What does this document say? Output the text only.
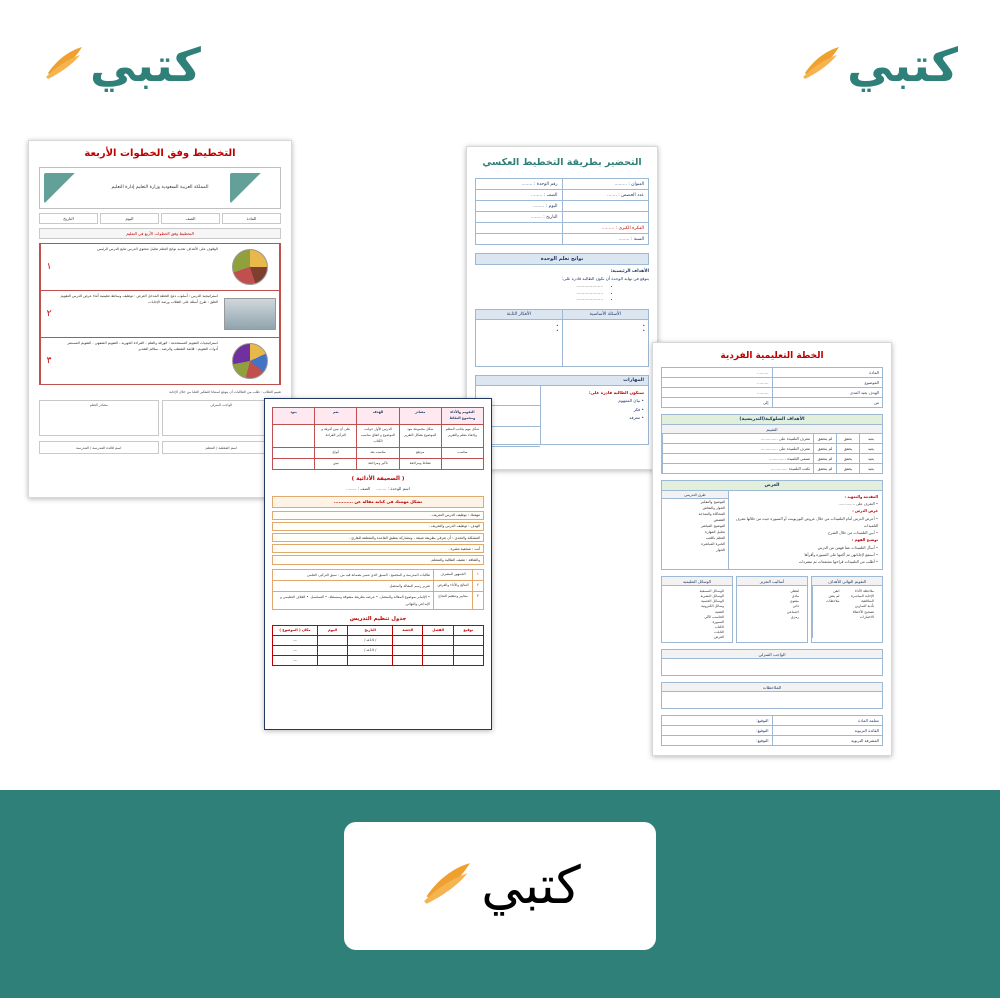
كتبي	كتبي
التخطيط وفق الخطوات الأربعة
المملكة العربية السعودية وزارة التعليم إدارة التعليم
المادة
الصف
اليوم
التاريخ
التخطيط وفق الخطوات الأربع في التعليم
الوقوف على الأهداف تحديد نواتج التعلم تحليل محتوى الدرس تتابع الدرس الرئيس
١
استراتيجية الدرس : أسلوب دمج الخطة المدخل العرض : توظيف وسائط تعليمية أثناء عرض الدرس التقويم الغلق : طرح أسئلة على الطلاب ورصد الإجابات
٢
استراتيجيات التقويم المستخدمة : الورقة والقلم - القراءة الجهرية - التقويم الشفهي - التقويم المستمر أدوات التقويم : قائمة الشطب والرصد - سلالم التقدير
٣
تقييم الطلاب : طلب من الطالبات أن يتوقع استنادا للتفكير العليا من خلال الإجابة
الواجب المنزلي
مصادر التعلم
اسم المعلمة / المعلم
اسم قائدة المدرسة / المدرسة
التحضير بطريقة التخطيط العكسي
العنوان : .........
رقم الوحدة : ........
عدد الحصص : .......
الصف : ........
اليوم : ........
التاريخ : ........
الفكرة الكبرى : .........
السنة : ........
نواتج تعلم الوحدة
الأهداف الرئيسية:
يتوقع في نهاية الوحدة أن تكون الطالبة قادرة على:
• ....................
• ....................
• ....................
الأسئلة الأساسية
الأفكار الثابتة
•
•
•
•
المهارات
ستكون الطالبة قادرة على:
• بيان المفهوم
• فكر
• معرفة
الخطة التعليمية الفردية
المادة
.........
الموضوع
.........
الهدف بعيد المدى
.........
من
إلى
الأهداف السلوكية(التدريسية)
التقييم
يعيد
يحقق
لم يتحقق
تتعرف التلميذة على ..............
يعيد
يحقق
لم يتحقق
تتعرف التلميذة على ..............
يعيد
يحقق
لم يتحقق
تسمي التلميذة ..............
يعيد
يحقق
لم يتحقق
تكتب التلميذة ..............
العرض
المقدمة والتمهيد :
• التعرف على ..............
عرض الدرس :
• أعرض الدرس أمام التلميذات من خلال عروض البوربوينت أو السبورة حيث من خلالها تتعرف التلميذات
• أبين التلميذات من خلال الشرح
توضيح الفهم :
• أسأل التلميذات عما فهمن من الدرس
• أستمع لإجاباتهن ثم أكتبها على السبورة وأقرأها
• أطلب من التلميذات قراءتها مجتمعات ثم متفردات
طرق التدريس
التوضيح والتفكير
الحوار والنقاش
المحاكاة والنمذجة
القصص
التوضيح المباشر
تحليل المهارة
التعلم باللعب
الخبرة المباشرة
الحوار
التقويم النهائي للأهداف
ملاحظة الأداء
الإجابة المباشرة
المناقشة
تأدية التمارين
تصحيح الأخطاء
الاختبارات
اتقن
لم يتقن
ملاحظات
أساليب التعزيز
لفظي
مادي
معنوي
ذاتي
اجتماعي
رمزي
الوسائل التعليمية
الوسائل السمعية
الوسائل البصرية
الوسائل الحسية
وسائل الكترونية
التقنية
الحاسب الآلي
السبورة
الكتاب
التابلت
العرض
الواجب المنزلي
الملاحظات
معلمة المادة
التوقيع:
القائدة التربوية
التوقيع:
المشرفة التربوية
التوقيع:
التقويم والأداة ومجموع النقاط
مصادر
الهدف
نعم
بنود
شكل مهم بجانب المعلم وإخفاء معلم والتقرير
شكل مجموعة بنود الموضوع بشكل التقرير
الدرس الأول جوانب الموضوع و اتفاق مناسب الكتاب
على أن تبين أفرقة و التركيز القراءة
مناسب
مرتفع
مناسب بعد
أنواع
نشاط ومراجعة
تاكير ومراجعة
تبين
( الصحيفة الأدائية )
اسم الوحدة : ........
الصف : ........
تشكل مهمتك في كتابة مقالة عن ............
مهمتك : توظيف الدرس التعريف .
الهدف : توظيف الدرس والتعريف .
المشكلة والتحدي : أن تعرفي بطريقة شيقة ، ومشاركة بتطبق القاعدة والمتعلقة للقارئ .
أنت : صحفية مشرة .
والثقافة : تثقيف الطالبة والمتعلم.
١
الجمهور المصرف
طالبات المدرسة و المجتمع . السبق الذي تتميز بضمانة فيه من : سبق التركيز، العلمي
٢
النتائج والأداء والعرض
تقرير رسم المقالة والمتصل.
٣
معايير وتنظيم النجاح
• الإلمام بموضوع المقالة والمتصل. • عرضه بطريقة مشوقة ومبسطة. • التسلسل. • الغلاف التعليمي و الإبداعي والنهائي.
جدول تنظيم التدريس
توقيع
الفصل
الحصة
التاريخ
اليوم
مكان ( الموضوع )
/ 14هـ /
—
/ 14هـ /
—
—
كتبي
